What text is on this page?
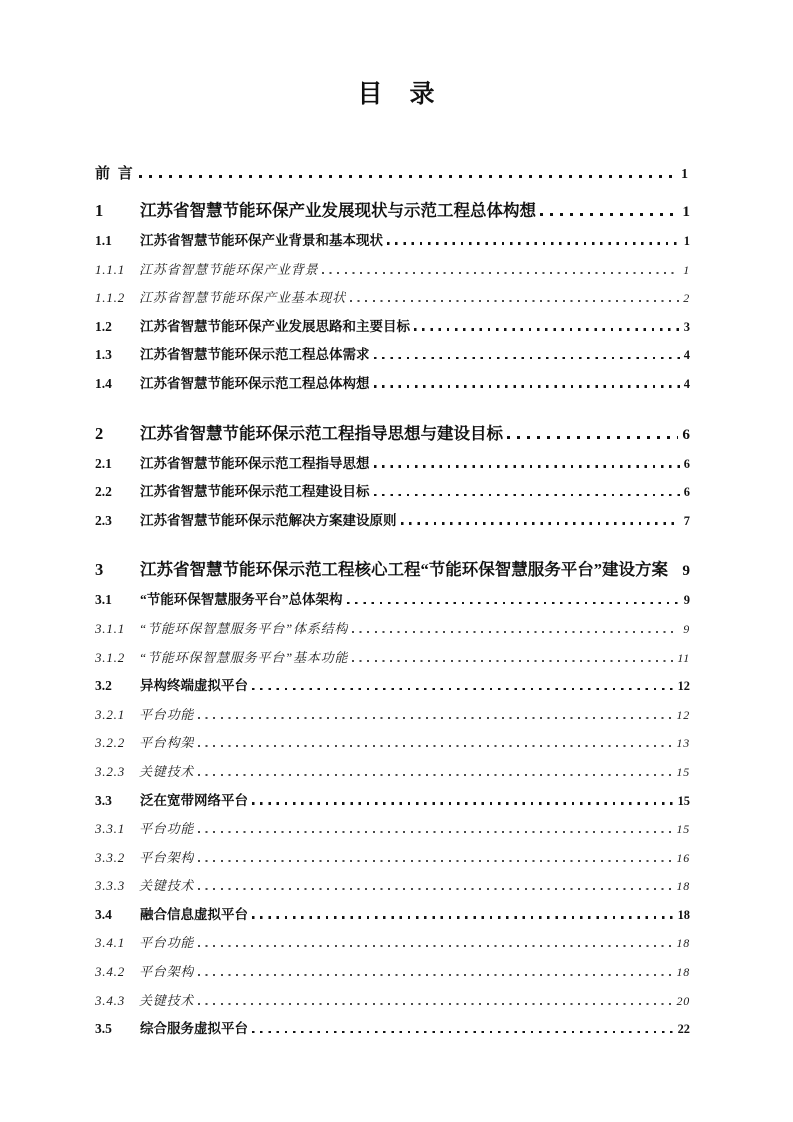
目　录
前 言	1
1	江苏省智慧节能环保产业发展现状与示范工程总体构想	1
1.1	江苏省智慧节能环保产业背景和基本现状	1
1.1.1	江苏省智慧节能环保产业背景	1
1.1.2	江苏省智慧节能环保产业基本现状	2
1.2	江苏省智慧节能环保产业发展思路和主要目标	3
1.3	江苏省智慧节能环保示范工程总体需求	4
1.4	江苏省智慧节能环保示范工程总体构想	4
2	江苏省智慧节能环保示范工程指导思想与建设目标	6
2.1	江苏省智慧节能环保示范工程指导思想	6
2.2	江苏省智慧节能环保示范工程建设目标	6
2.3	江苏省智慧节能环保示范解决方案建设原则	7
3	江苏省智慧节能环保示范工程核心工程“节能环保智慧服务平台”建设方案 9
3.1	“节能环保智慧服务平台”总体架构	9
3.1.1	“节能环保智慧服务平台”体系结构	9
3.1.2	“节能环保智慧服务平台”基本功能	11
3.2	异构终端虚拟平台	12
3.2.1	平台功能	12
3.2.2	平台构架	13
3.2.3	关键技术	15
3.3	泛在宽带网络平台	15
3.3.1	平台功能	15
3.3.2	平台架构	16
3.3.3	关键技术	18
3.4	融合信息虚拟平台	18
3.4.1	平台功能	18
3.4.2	平台架构	18
3.4.3	关键技术	20
3.5	综合服务虚拟平台	22
